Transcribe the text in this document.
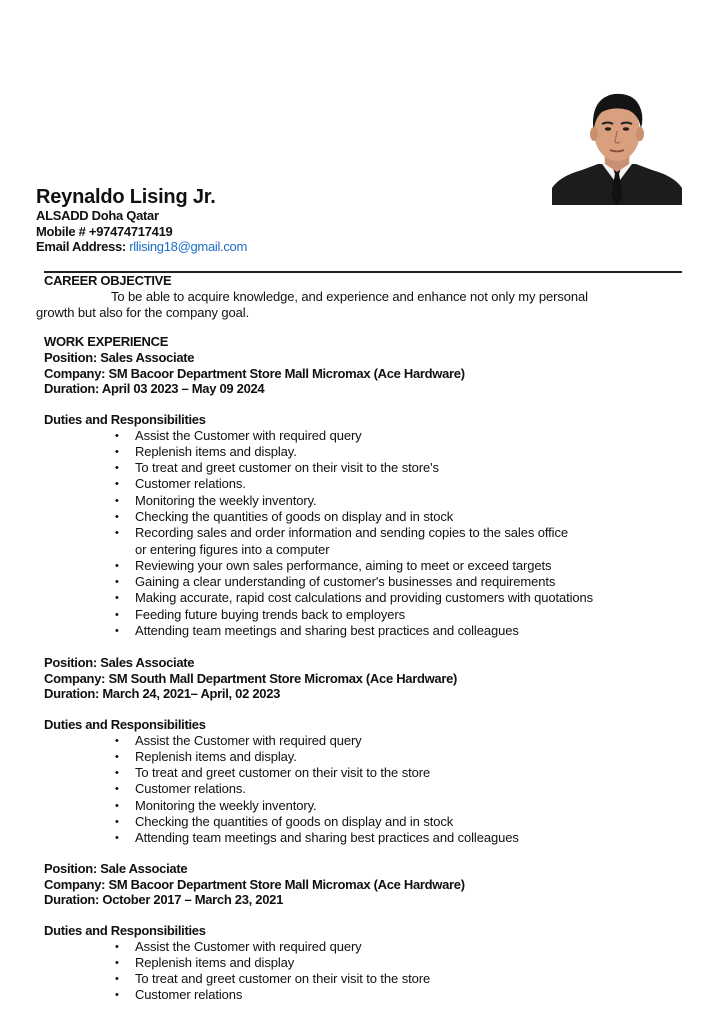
Reynaldo Lising Jr.
ALSADD Doha Qatar
Mobile # +97474717419
Email Address: rllising18@gmail.com
CAREER OBJECTIVE
To be able to acquire knowledge, and experience and enhance not only my personal
growth but also for the company goal.
WORK EXPERIENCE
Position: Sales Associate
Company: SM Bacoor Department Store Mall Micromax (Ace Hardware)
Duration: April 03 2023 – May 09 2024
Duties and Responsibilities
• Assist the Customer with required query
• Replenish items and display.
• To treat and greet customer on their visit to the store's
• Customer relations.
• Monitoring the weekly inventory.
• Checking the quantities of goods on display and in stock
• Recording sales and order information and sending copies to the sales office
or entering figures into a computer
• Reviewing your own sales performance, aiming to meet or exceed targets
• Gaining a clear understanding of customer's businesses and requirements
• Making accurate, rapid cost calculations and providing customers with quotations
• Feeding future buying trends back to employers
• Attending team meetings and sharing best practices and colleagues
Position: Sales Associate
Company: SM South Mall Department Store Micromax (Ace Hardware)
Duration: March 24, 2021– April, 02 2023
Duties and Responsibilities
• Assist the Customer with required query
• Replenish items and display.
• To treat and greet customer on their visit to the store
• Customer relations.
• Monitoring the weekly inventory.
• Checking the quantities of goods on display and in stock
• Attending team meetings and sharing best practices and colleagues
Position: Sale Associate
Company: SM Bacoor Department Store Mall Micromax (Ace Hardware)
Duration: October 2017 – March 23, 2021
Duties and Responsibilities
• Assist the Customer with required query
• Replenish items and display
• To treat and greet customer on their visit to the store
• Customer relations
